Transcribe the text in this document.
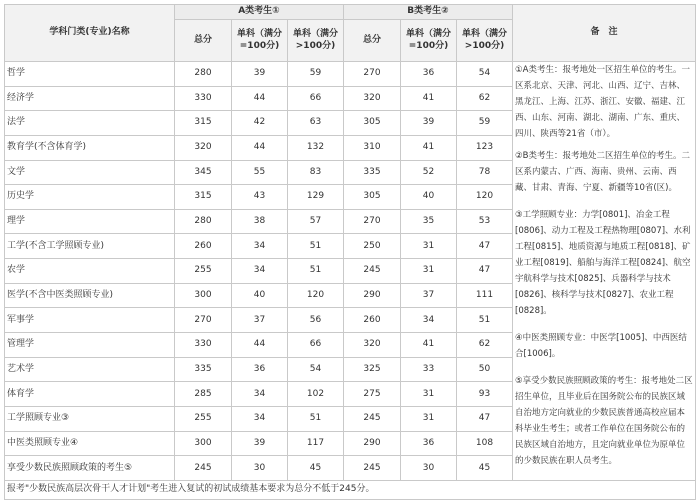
学科门类(专业)名称	A类考生①			B类考生②			备　注
	总分	单科（满分=100分)	单科（满分>100分)	总分	单科（满分=100分)	单科（满分>100分)	
哲学	280	39	59	270	36	54	①A类考生：报考地处一区招生单位的考生。一区系北京、天津、河北、山西、辽宁、吉林、黑龙江、上海、江苏、浙江、安徽、福建、江西、山东、河南、湖北、湖南、广东、重庆、四川、陕西等21省（市）。
②B类考生：报考地处二区招生单位的考生。二区系内蒙古、广西、海南、贵州、云南、西藏、甘肃、青海、宁夏、新疆等10省(区)。
③工学照顾专业：力学[0801]、冶金工程[0806]、动力工程及工程热物理[0807]、水利工程[0815]、地质资源与地质工程[0818]、矿业工程[0819]、船舶与海洋工程[0824]、航空宇航科学与技术[0825]、兵器科学与技术[0826]、核科学与技术[0827]、农业工程[0828]。
④中医类照顾专业：中医学[1005]、中西医结合[1006]。
⑤享受少数民族照顾政策的考生：报考地处二区招生单位，且毕业后在国务院公布的民族区域自治地方定向就业的少数民族普通高校应届本科毕业生考生；或者工作单位在国务院公布的民族区域自治地方，且定向就业单位为原单位的少数民族在职人员考生。

经济学	330	44	66	320	41	62	
法学	315	42	63	305	39	59	
教育学(不含体育学)	320	44	132	310	41	123	
文学	345	55	83	335	52	78	
历史学	315	43	129	305	40	120	
理学	280	38	57	270	35	53	
工学(不含工学照顾专业)	260	34	51	250	31	47	
农学	255	34	51	245	31	47	
医学(不含中医类照顾专业)	300	40	120	290	37	111	
军事学	270	37	56	260	34	51	
管理学	330	44	66	320	41	62	
艺术学	335	36	54	325	33	50	
体育学	285	34	102	275	31	93	
工学照顾专业③	255	34	51	245	31	47	
中医类照顾专业④	300	39	117	290	36	108	
享受少数民族照顾政策的考生⑤	245	30	45	245	30	45	
报考"少数民族高层次骨干人才计划"考生进入复试的初试成绩基本要求为总分不低于245分。							
